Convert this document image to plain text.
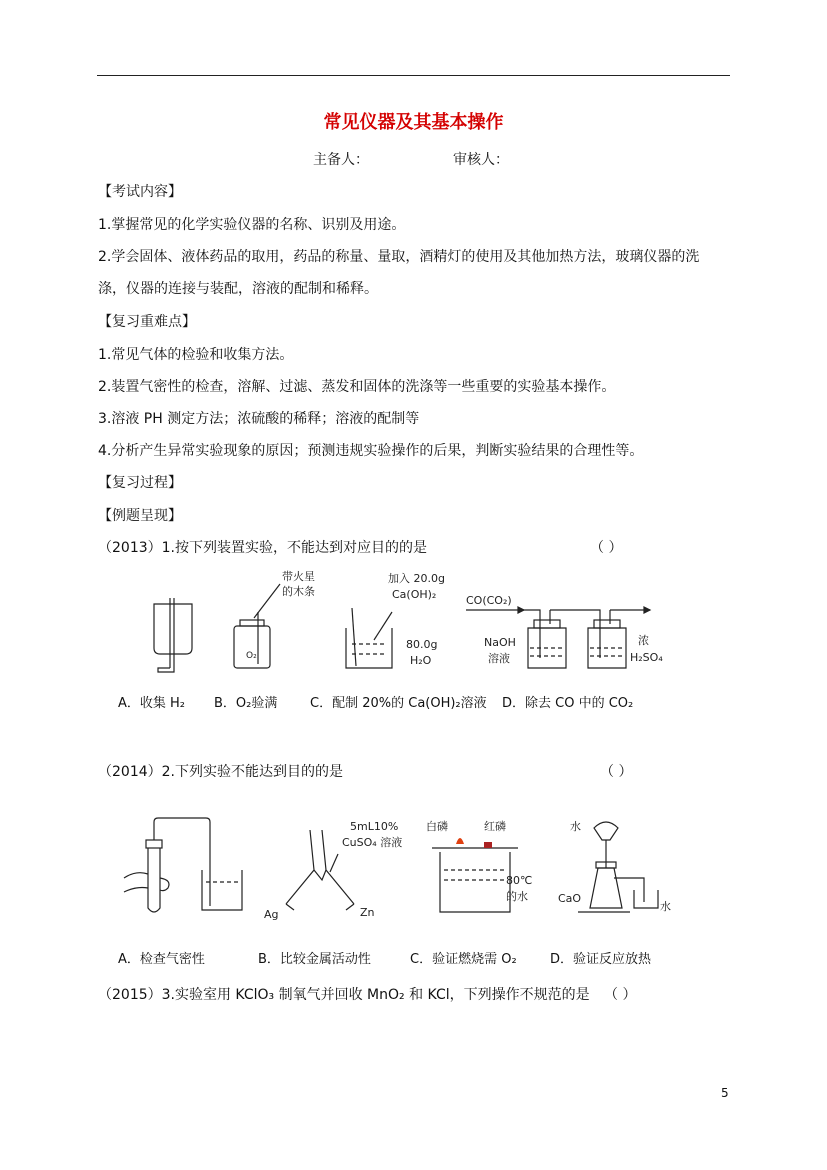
常见仪器及其基本操作
主备人：	审核人：
【考试内容】
1.掌握常见的化学实验仪器的名称、识别及用途。
2.学会固体、液体药品的取用，药品的称量、量取，酒精灯的使用及其他加热方法，玻璃仪器的洗
涤，仪器的连接与装配，溶液的配制和稀释。
【复习重难点】
1.常见气体的检验和收集方法。
2.装置气密性的检查，溶解、过滤、蒸发和固体的洗涤等一些重要的实验基本操作。
3.溶液 PH 测定方法；浓硫酸的稀释；溶液的配制等
4.分析产生异常实验现象的原因；预测违规实验操作的后果，判断实验结果的合理性等。
【复习过程】
【例题呈现】
（2013）1.按下列装置实验，不能达到对应目的的是	（ ）
O₂
带火星
的木条
加入 20.0g
Ca(OH)₂
80.0g
H₂O
CO(CO₂)
NaOH
溶液
浓
H₂SO₄
A．收集 H₂ B．O₂验满	C．配制 20%的 Ca(OH)₂溶液 D．除去 CO 中的 CO₂
（2014）2.下列实验不能达到目的的是	（ ）
5mL10%
CuSO₄ 溶液
Ag	Zn
白磷	红磷
80℃
的水
水
CaO
水
A．检查气密性	B．比较金属活动性	C．验证燃烧需 O₂	D．验证反应放热
（2015）3.实验室用 KClO₃ 制氧气并回收 MnO₂ 和 KCl，下列操作不规范的是 （ ）
5
